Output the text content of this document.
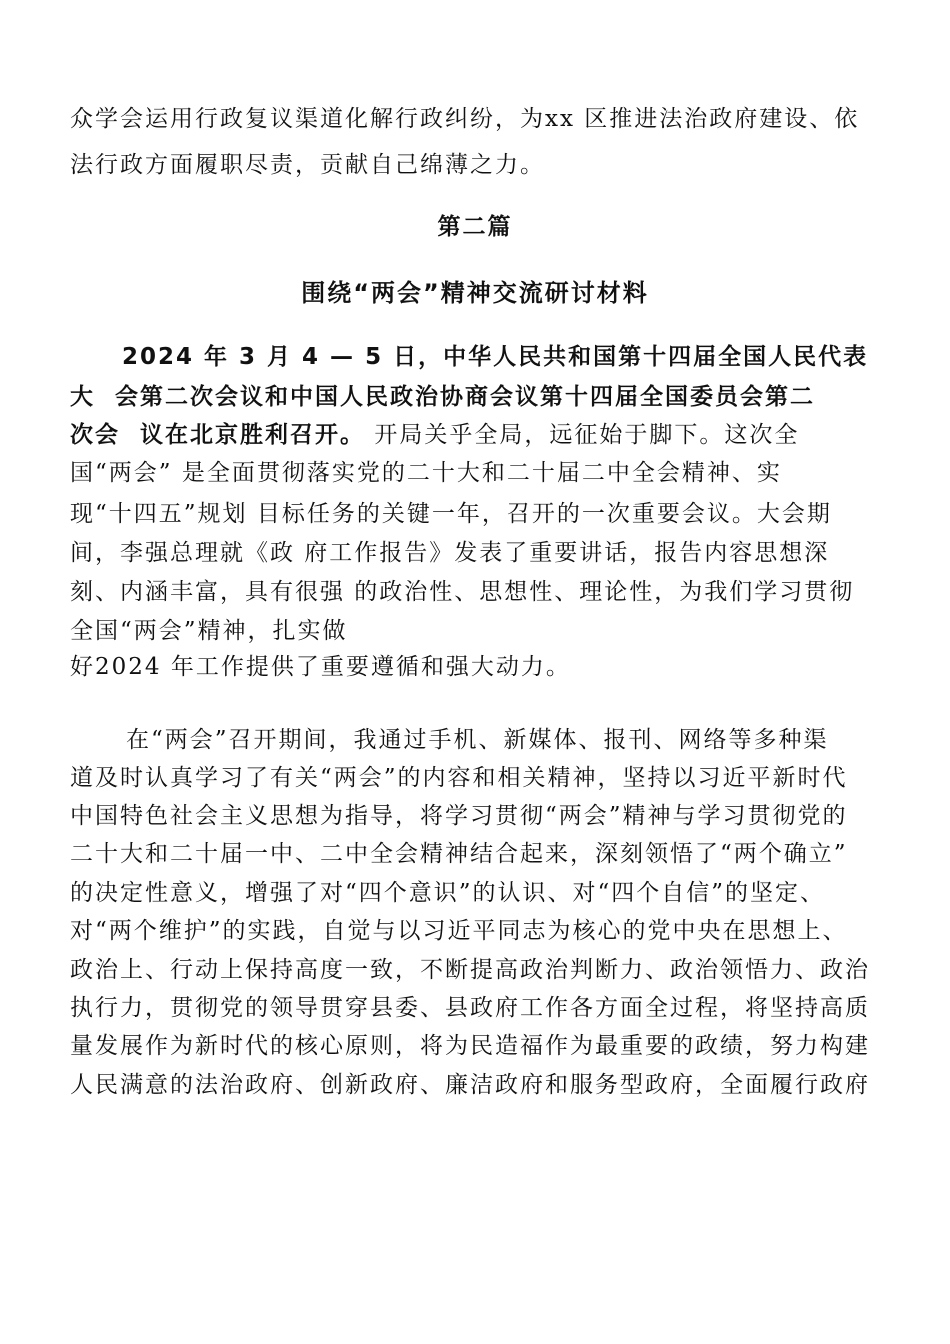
众学会运用行政复议渠道化解行政纠纷，为xx 区推进法治政府建设、依

法行政方面履职尽责，贡献自己绵薄之力。

第二篇

围绕“两会”精神交流研讨材料

2024 年 3 月 4 — 5 日，中华人民共和国第十四届全国人民代表

大  会第二次会议和中国人民政治协商会议第十四届全国委员会第二

次会  议在北京胜利召开。 开局关乎全局，远征始于脚下。这次全

国“两会” 是全面贯彻落实党的二十大和二十届二中全会精神、实

现“十四五”规划 目标任务的关键一年，召开的一次重要会议。大会期

间，李强总理就《政 府工作报告》发表了重要讲话，报告内容思想深

刻、内涵丰富，具有很强 的政治性、思想性、理论性，为我们学习贯彻

全国“两会”精神，扎实做

好2024 年工作提供了重要遵循和强大动力。

在“两会”召开期间，我通过手机、新媒体、报刊、网络等多种渠

道及时认真学习了有关“两会”的内容和相关精神，坚持以习近平新时代

中国特色社会主义思想为指导，将学习贯彻“两会”精神与学习贯彻党的

二十大和二十届一中、二中全会精神结合起来，深刻领悟了“两个确立”

的决定性意义，增强了对“四个意识”的认识、对“四个自信”的坚定、

对“两个维护”的实践，自觉与以习近平同志为核心的党中央在思想上、

政治上、行动上保持高度一致，不断提高政治判断力、政治领悟力、政治

执行力，贯彻党的领导贯穿县委、县政府工作各方面全过程，将坚持高质

量发展作为新时代的核心原则，将为民造福作为最重要的政绩，努力构建

人民满意的法治政府、创新政府、廉洁政府和服务型政府，全面履行政府
